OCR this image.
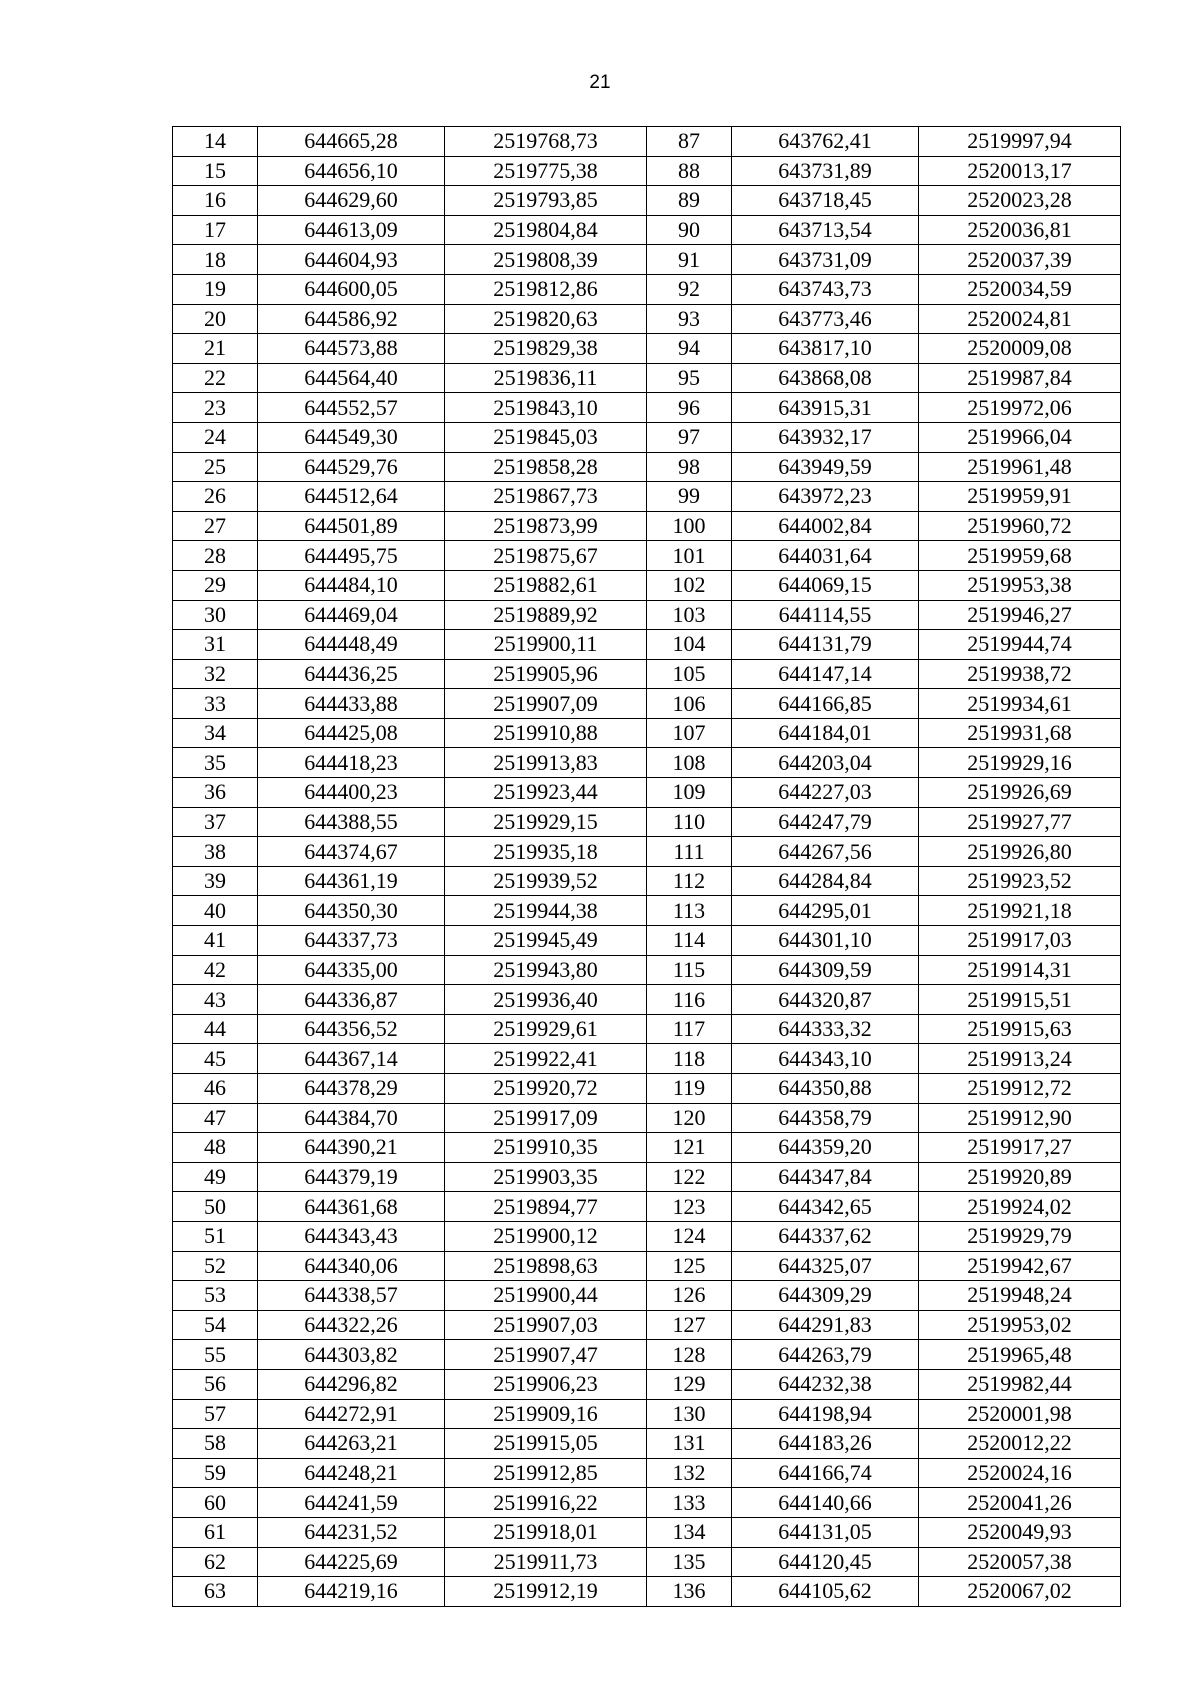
21
14	644665,28	2519768,73	87	643762,41	2519997,94
15	644656,10	2519775,38	88	643731,89	2520013,17
16	644629,60	2519793,85	89	643718,45	2520023,28
17	644613,09	2519804,84	90	643713,54	2520036,81
18	644604,93	2519808,39	91	643731,09	2520037,39
19	644600,05	2519812,86	92	643743,73	2520034,59
20	644586,92	2519820,63	93	643773,46	2520024,81
21	644573,88	2519829,38	94	643817,10	2520009,08
22	644564,40	2519836,11	95	643868,08	2519987,84
23	644552,57	2519843,10	96	643915,31	2519972,06
24	644549,30	2519845,03	97	643932,17	2519966,04
25	644529,76	2519858,28	98	643949,59	2519961,48
26	644512,64	2519867,73	99	643972,23	2519959,91
27	644501,89	2519873,99	100	644002,84	2519960,72
28	644495,75	2519875,67	101	644031,64	2519959,68
29	644484,10	2519882,61	102	644069,15	2519953,38
30	644469,04	2519889,92	103	644114,55	2519946,27
31	644448,49	2519900,11	104	644131,79	2519944,74
32	644436,25	2519905,96	105	644147,14	2519938,72
33	644433,88	2519907,09	106	644166,85	2519934,61
34	644425,08	2519910,88	107	644184,01	2519931,68
35	644418,23	2519913,83	108	644203,04	2519929,16
36	644400,23	2519923,44	109	644227,03	2519926,69
37	644388,55	2519929,15	110	644247,79	2519927,77
38	644374,67	2519935,18	111	644267,56	2519926,80
39	644361,19	2519939,52	112	644284,84	2519923,52
40	644350,30	2519944,38	113	644295,01	2519921,18
41	644337,73	2519945,49	114	644301,10	2519917,03
42	644335,00	2519943,80	115	644309,59	2519914,31
43	644336,87	2519936,40	116	644320,87	2519915,51
44	644356,52	2519929,61	117	644333,32	2519915,63
45	644367,14	2519922,41	118	644343,10	2519913,24
46	644378,29	2519920,72	119	644350,88	2519912,72
47	644384,70	2519917,09	120	644358,79	2519912,90
48	644390,21	2519910,35	121	644359,20	2519917,27
49	644379,19	2519903,35	122	644347,84	2519920,89
50	644361,68	2519894,77	123	644342,65	2519924,02
51	644343,43	2519900,12	124	644337,62	2519929,79
52	644340,06	2519898,63	125	644325,07	2519942,67
53	644338,57	2519900,44	126	644309,29	2519948,24
54	644322,26	2519907,03	127	644291,83	2519953,02
55	644303,82	2519907,47	128	644263,79	2519965,48
56	644296,82	2519906,23	129	644232,38	2519982,44
57	644272,91	2519909,16	130	644198,94	2520001,98
58	644263,21	2519915,05	131	644183,26	2520012,22
59	644248,21	2519912,85	132	644166,74	2520024,16
60	644241,59	2519916,22	133	644140,66	2520041,26
61	644231,52	2519918,01	134	644131,05	2520049,93
62	644225,69	2519911,73	135	644120,45	2520057,38
63	644219,16	2519912,19	136	644105,62	2520067,02
